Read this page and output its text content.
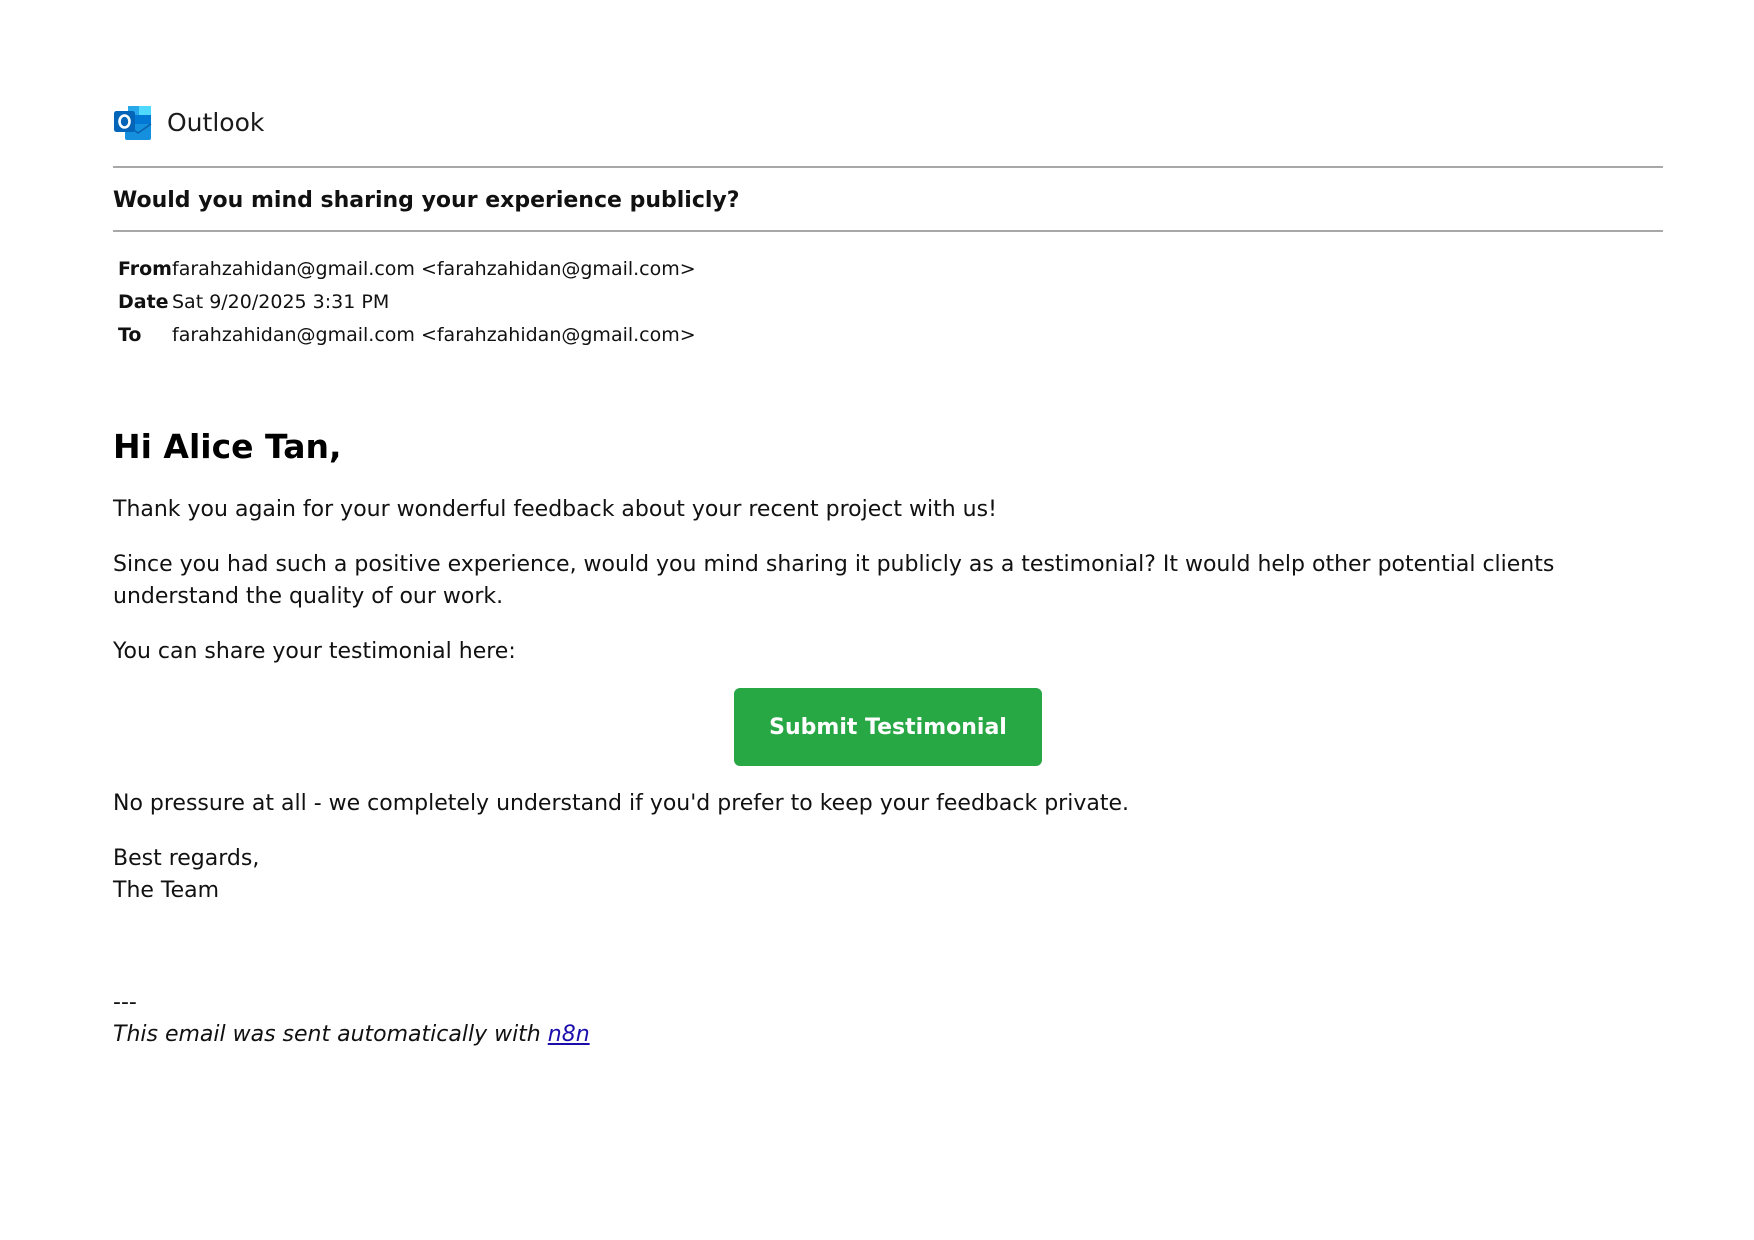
Outlook
Would you mind sharing your experience publicly?
From farahzahidan@gmail.com <farahzahidan@gmail.com>
Date Sat 9/20/2025 3:31 PM
To	farahzahidan@gmail.com <farahzahidan@gmail.com>
Hi Alice Tan,

Thank you again for your wonderful feedback about your recent project with us!

Since you had such a positive experience, would you mind sharing it publicly as a testimonial? It would help other potential clients understand the quality of our work.

You can share your testimonial here:

Submit Testimonial

No pressure at all - we completely understand if you'd prefer to keep your feedback private.

Best regards,
The Team
---
This email was sent automatically with n8n
